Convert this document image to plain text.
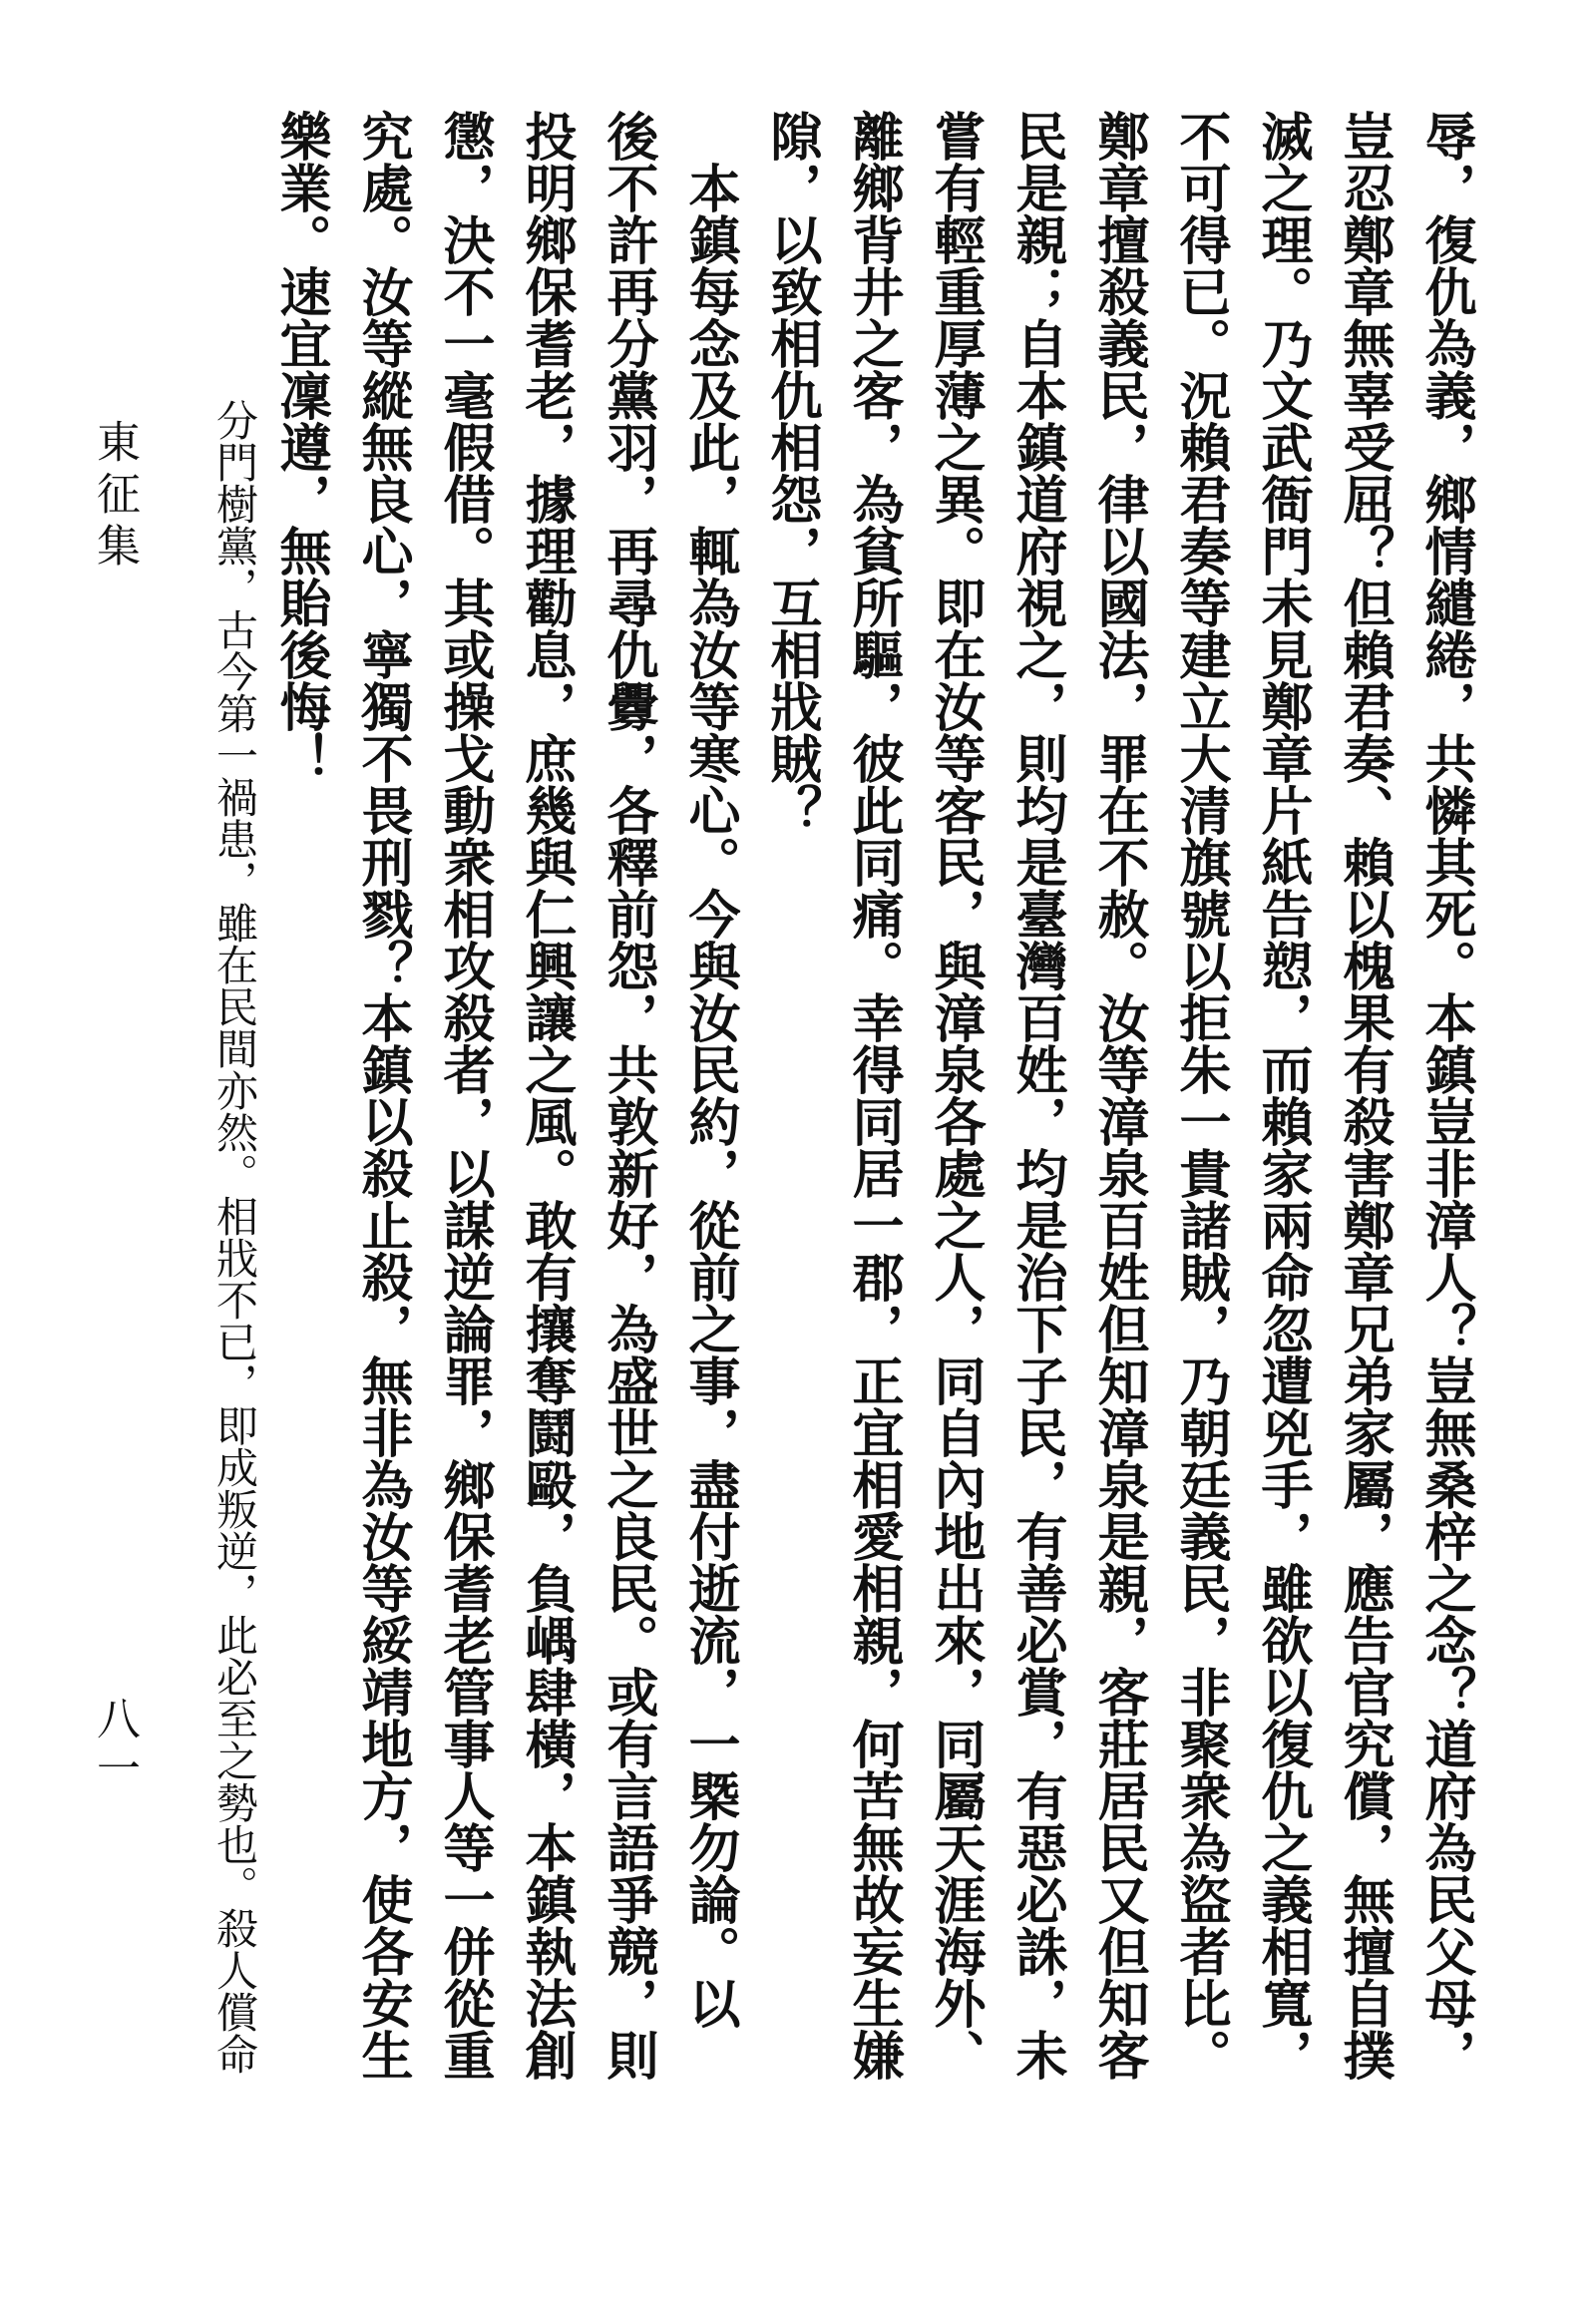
辱，復仇為義，鄉情繾綣，共憐其死。本鎮豈非漳人？豈無桑梓之念？道府為民父母，
豈忍鄭章無辜受屈？但賴君奏、賴以槐果有殺害鄭章兄弟家屬，應告官究償，無擅自撲
滅之理。乃文武衙門未見鄭章片紙告愬，而賴家兩命忽遭兇手，雖欲以復仇之義相寬，
不可得已。況賴君奏等建立大清旗號以拒朱一貴諸賊，乃朝廷義民，非聚衆為盜者比。
鄭章擅殺義民，律以國法，罪在不赦。汝等漳泉百姓但知漳泉是親，客莊居民又但知客
民是親；自本鎮道府視之，則均是臺灣百姓，均是治下子民，有善必賞，有惡必誅，未
嘗有輕重厚薄之異。即在汝等客民，與漳泉各處之人，同自內地出來，同屬天涯海外、
離鄉背井之客，為貧所驅，彼此同痛。幸得同居一郡，正宜相愛相親，何苦無故妄生嫌
隙，以致相仇相怨，互相戕賊？
　本鎮每念及此，輒為汝等寒心。今與汝民約，從前之事，盡付逝流，一槩勿論。以
後不許再分黨羽，再尋仇釁，各釋前怨，共敦新好，為盛世之良民。或有言語爭競，則
投明鄉保耆老，據理勸息，庶幾與仁興讓之風。敢有攘奪鬪毆，負嵎肆橫，本鎮執法創
懲，決不一毫假借。其或操戈動衆相攻殺者，以謀逆論罪，鄉保耆老管事人等一併從重
究處。汝等縱無良心，寧獨不畏刑戮？本鎮以殺止殺，無非為汝等綏靖地方，使各安生
樂業。速宜凜遵，無貽後悔！
分門樹黨，古今第一禍患，雖在民間亦然。相戕不已，即成叛逆，此必至之勢也。殺人償命
東征集
八一
